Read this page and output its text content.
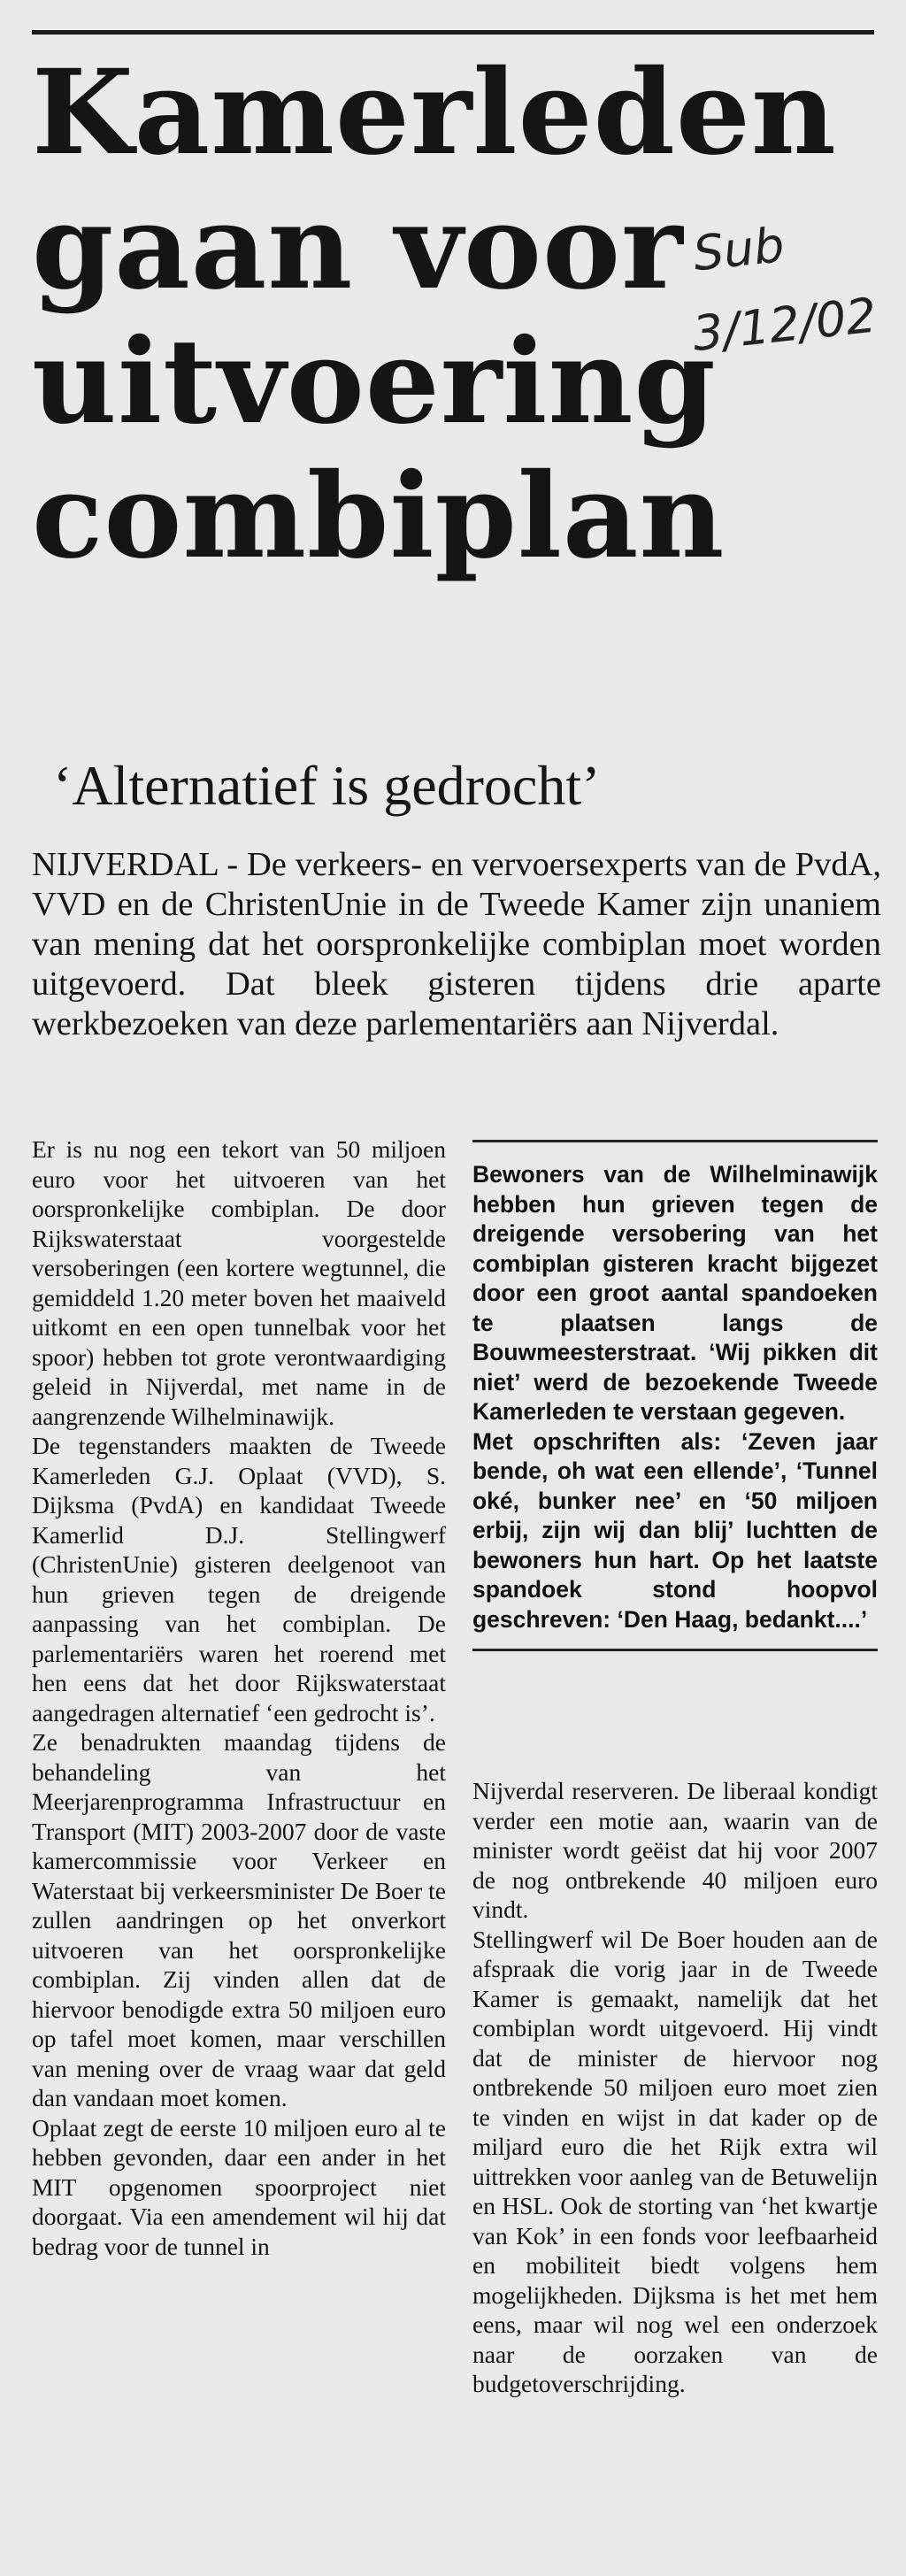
Kamerleden
gaan voor
uitvoering
combiplan
Sub
3/12/02
‘Alternatief is gedrocht’
NIJVERDAL - De verkeers- en vervoersexperts van de PvdA, VVD en de ChristenUnie in de Tweede Kamer zijn unaniem van mening dat het oorspronkelijke combiplan moet worden uitgevoerd. Dat bleek gisteren tijdens drie aparte werkbezoeken van deze parlementariërs aan Nijverdal.

Er is nu nog een tekort van 50 miljoen euro voor het uitvoeren van het oorspronkelijke combiplan. De door Rijkswaterstaat voorgestelde versoberingen (een kortere wegtunnel, die gemiddeld 1.20 meter boven het maaiveld uitkomt en een open tunnelbak voor het spoor) hebben tot grote verontwaardiging geleid in Nijverdal, met name in de aangrenzende Wilhelminawijk.

De tegenstanders maakten de Tweede Kamerleden G.J. Oplaat (VVD), S. Dijksma (PvdA) en kandidaat Tweede Kamerlid D.J. Stellingwerf (ChristenUnie) gisteren deelgenoot van hun grieven tegen de dreigende aanpassing van het combiplan. De parlementariërs waren het roerend met hen eens dat het door Rijkswaterstaat aangedragen alternatief ‘een gedrocht is’.

Ze benadrukten maandag tijdens de behandeling van het Meerjarenprogramma Infrastructuur en Transport (MIT) 2003-2007 door de vaste kamercommissie voor Verkeer en Waterstaat bij verkeersminister De Boer te zullen aandringen op het onverkort uitvoeren van het oorspronkelijke combiplan. Zij vinden allen dat de hiervoor benodigde extra 50 miljoen euro op tafel moet komen, maar verschillen van mening over de vraag waar dat geld dan vandaan moet komen.

Oplaat zegt de eerste 10 miljoen euro al te hebben gevonden, daar een ander in het MIT opgenomen spoorproject niet doorgaat. Via een amendement wil hij dat bedrag voor de tunnel in

Bewoners van de Wilhelminawijk hebben hun grieven tegen de dreigende versobering van het combiplan gisteren kracht bijgezet door een groot aantal spandoeken te plaatsen langs de Bouwmeesterstraat. ‘Wij pikken dit niet’ werd de bezoekende Tweede Kamerleden te verstaan gegeven.

Met opschriften als: ‘Zeven jaar bende, oh wat een ellende’, ‘Tunnel oké, bunker nee’ en ‘50 miljoen erbij, zijn wij dan blij’ luchtten de bewoners hun hart. Op het laatste spandoek stond hoopvol geschreven: ‘Den Haag, bedankt....’

Nijverdal reserveren. De liberaal kondigt verder een motie aan, waarin van de minister wordt geëist dat hij voor 2007 de nog ontbrekende 40 miljoen euro vindt.

Stellingwerf wil De Boer houden aan de afspraak die vorig jaar in de Tweede Kamer is gemaakt, namelijk dat het combiplan wordt uitgevoerd. Hij vindt dat de minister de hiervoor nog ontbrekende 50 miljoen euro moet zien te vinden en wijst in dat kader op de miljard euro die het Rijk extra wil uittrekken voor aanleg van de Betuwelijn en HSL. Ook de storting van ‘het kwartje van Kok’ in een fonds voor leefbaarheid en mobiliteit biedt volgens hem mogelijkheden. Dijksma is het met hem eens, maar wil nog wel een onderzoek naar de oorzaken van de budgetoverschrijding.
